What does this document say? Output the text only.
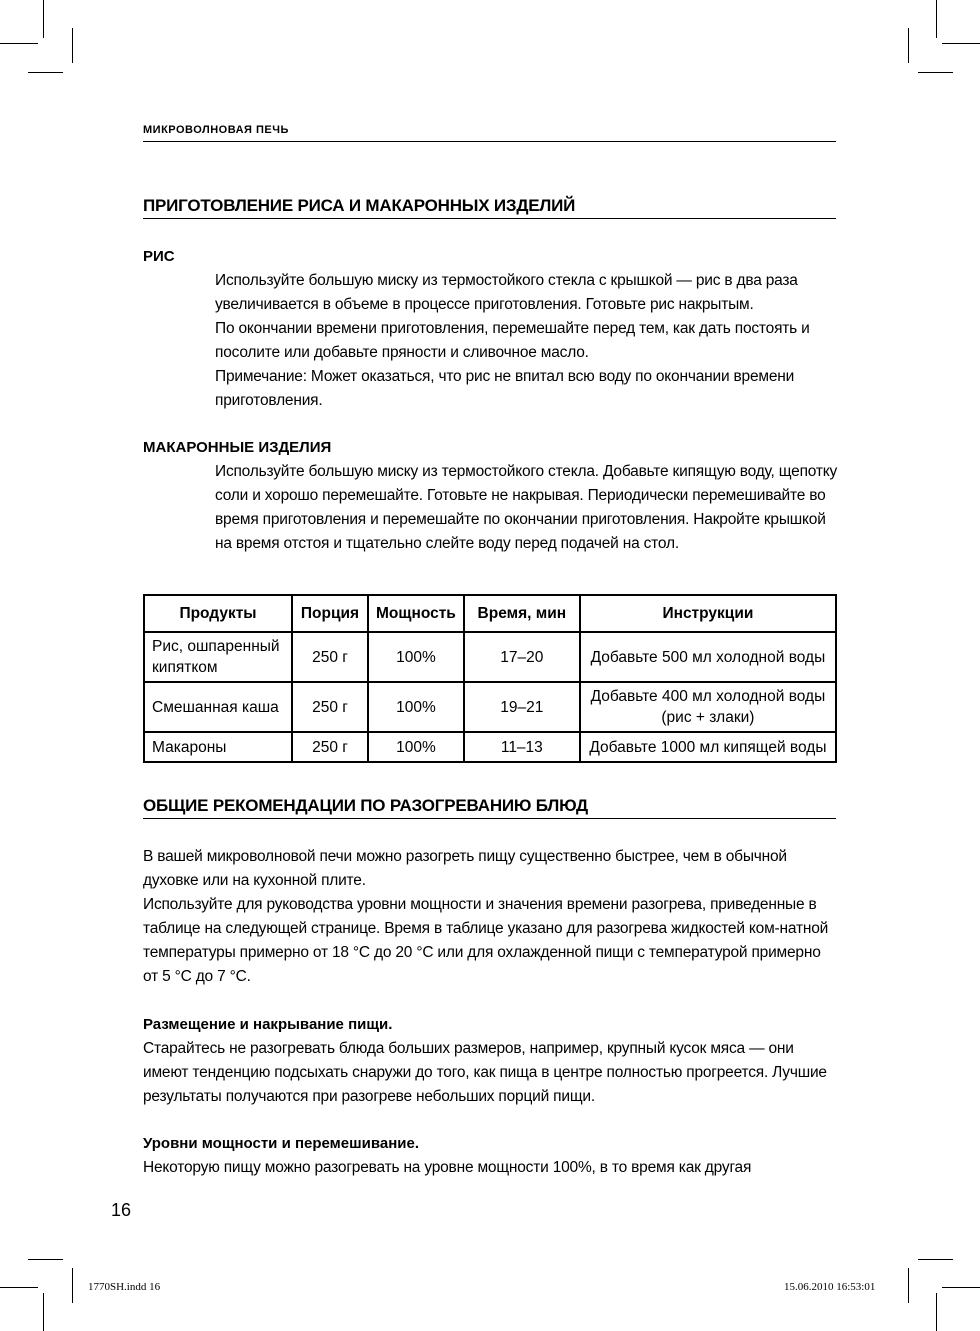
МИКРОВОЛНОВАЯ ПЕЧЬ
ПРИГОТОВЛЕНИЕ РИСА И МАКАРОННЫХ ИЗДЕЛИЙ
РИС

Используйте большую миску из термостойкого стекла с крышкой — рис в два раза увеличивается в объеме в процессе приготовления. Готовьте рис накрытым.

По окончании времени приготовления, перемешайте перед тем, как дать постоять и посолите или добавьте пряности и сливочное масло.

Примечание: Может оказаться, что рис не впитал всю воду по окончании времени приготовления.

МАКАРОННЫЕ ИЗДЕЛИЯ

Используйте большую миску из термостойкого стекла. Добавьте кипящую воду, щепотку соли и хорошо перемешайте. Готовьте не накрывая. Периодически перемешивайте во время приготовления и перемешайте по окончании приготовления. Накройте крышкой на время отстоя и тщательно слейте воду перед подачей на стол.

Продукты	Порция	Мощность	Время, мин	Инструкции
Рис, ошпаренный кипятком	250 г	100%	17–20	Добавьте 500 мл холодной воды
Смешанная каша	250 г	100%	19–21	Добавьте 400 мл холодной воды (рис + злаки)
Макароны	250 г	100%	11–13	Добавьте 1000 мл кипящей воды
ОБЩИЕ РЕКОМЕНДАЦИИ ПО РАЗОГРЕВАНИЮ БЛЮД

В вашей микроволновой печи можно разогреть пищу существенно быстрее, чем в обычной духовке или на кухонной плите.

Используйте для руководства уровни мощности и значения времени разогрева, приведенные в таблице на следующей странице. Время в таблице указано для разогрева жидкостей ком-натной температуры примерно от 18 °C до 20 °C или для охлажденной пищи с температурой примерно от 5 °C до 7 °C.

Размещение и накрывание пищи.
Старайтесь не разогревать блюда больших размеров, например, крупный кусок мяса — они имеют тенденцию подсыхать снаружи до того, как пища в центре полностью прогреется. Лучшие результаты получаются при разогреве небольших порций пищи.
Уровни мощности и перемешивание.
Некоторую пищу можно разогревать на уровне мощности 100%, в то время как другая
16
1770SH.indd 16	15.06.2010 16:53:01
